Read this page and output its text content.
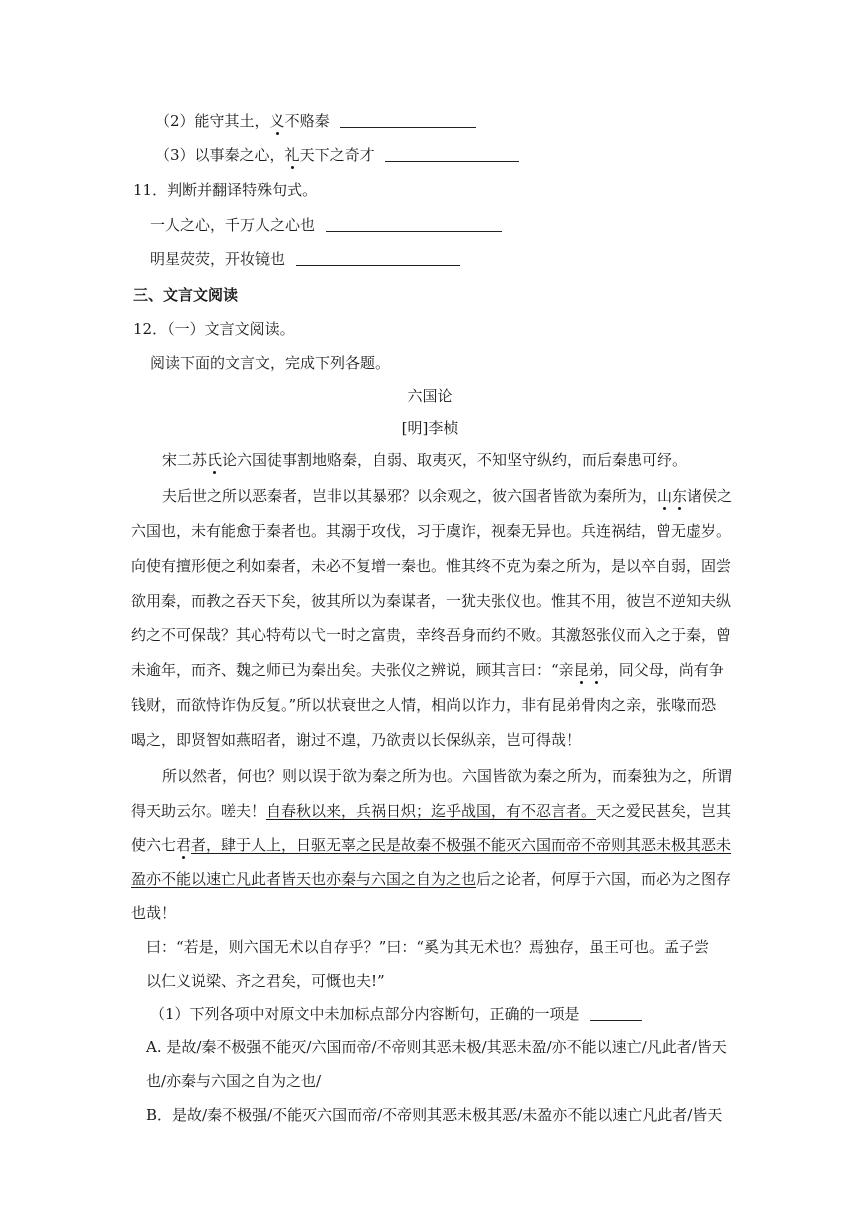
（2）能守其土，义不赂秦
（3）以事秦之心，礼天下之奇才
11．判断并翻译特殊句式。
一人之心，千万人之心也
明星荧荧，开妆镜也
三、文言文阅读
12．（一）文言文阅读。
阅读下面的文言文，完成下列各题。
六国论
[明]李桢
宋二苏氏论六国徒事割地赂秦，自弱、取夷灭，不知坚守纵约，而后秦患可纾。
夫后世之所以恶秦者，岂非以其暴邪？以余观之，彼六国者皆欲为秦所为，山东诸侯之
六国也，未有能愈于秦者也。其溺于攻伐，习于虞诈，视秦无异也。兵连祸结，曾无虚岁。
向使有擅形便之利如秦者，未必不复增一秦也。惟其终不克为秦之所为，是以卒自弱，固尝
欲用秦，而教之吞天下矣，彼其所以为秦谋者，一犹夫张仪也。惟其不用，彼岂不逆知夫纵
约之不可保哉？其心特苟以弋一时之富贵，幸终吾身而约不败。其激怒张仪而入之于秦，曾
未逾年，而齐、魏之师已为秦出矣。夫张仪之辨说，顾其言曰：“亲昆弟，同父母，尚有争
钱财，而欲恃诈伪反复。”所以状衰世之人情，相尚以诈力，非有昆弟骨肉之亲，张喙而恐
喝之，即贤智如燕昭者，谢过不遑，乃欲责以长保纵亲，岂可得哉！
所以然者，何也？则以误于欲为秦之所为也。六国皆欲为秦之所为，而秦独为之，所谓
得天助云尔。嗟夫！自春秋以来，兵祸日炽；迄乎战国，有不忍言者。天之爱民甚矣，岂其
使六七君者，肆于人上，日驱无辜之民是故秦不极强不能灭六国而帝不帝则其恶未极其恶未
盈亦不能以速亡凡此者皆天也亦秦与六国之自为之也后之论者，何厚于六国，而必为之图存
也哉！
曰：“若是，则六国无术以自存乎？”曰：“奚为其无术也？焉独存，虽王可也。孟子尝
以仁义说梁、齐之君矣，可慨也夫!”
（1）下列各项中对原文中未加标点部分内容断句，正确的一项是
A. 是故/秦不极强不能灭/六国而帝/不帝则其恶未极/其恶未盈/亦不能以速亡/凡此者/皆天
也/亦秦与六国之自为之也/
B．是故/秦不极强/不能灭六国而帝/不帝则其恶未极其恶/未盈亦不能以速亡凡此者/皆天
